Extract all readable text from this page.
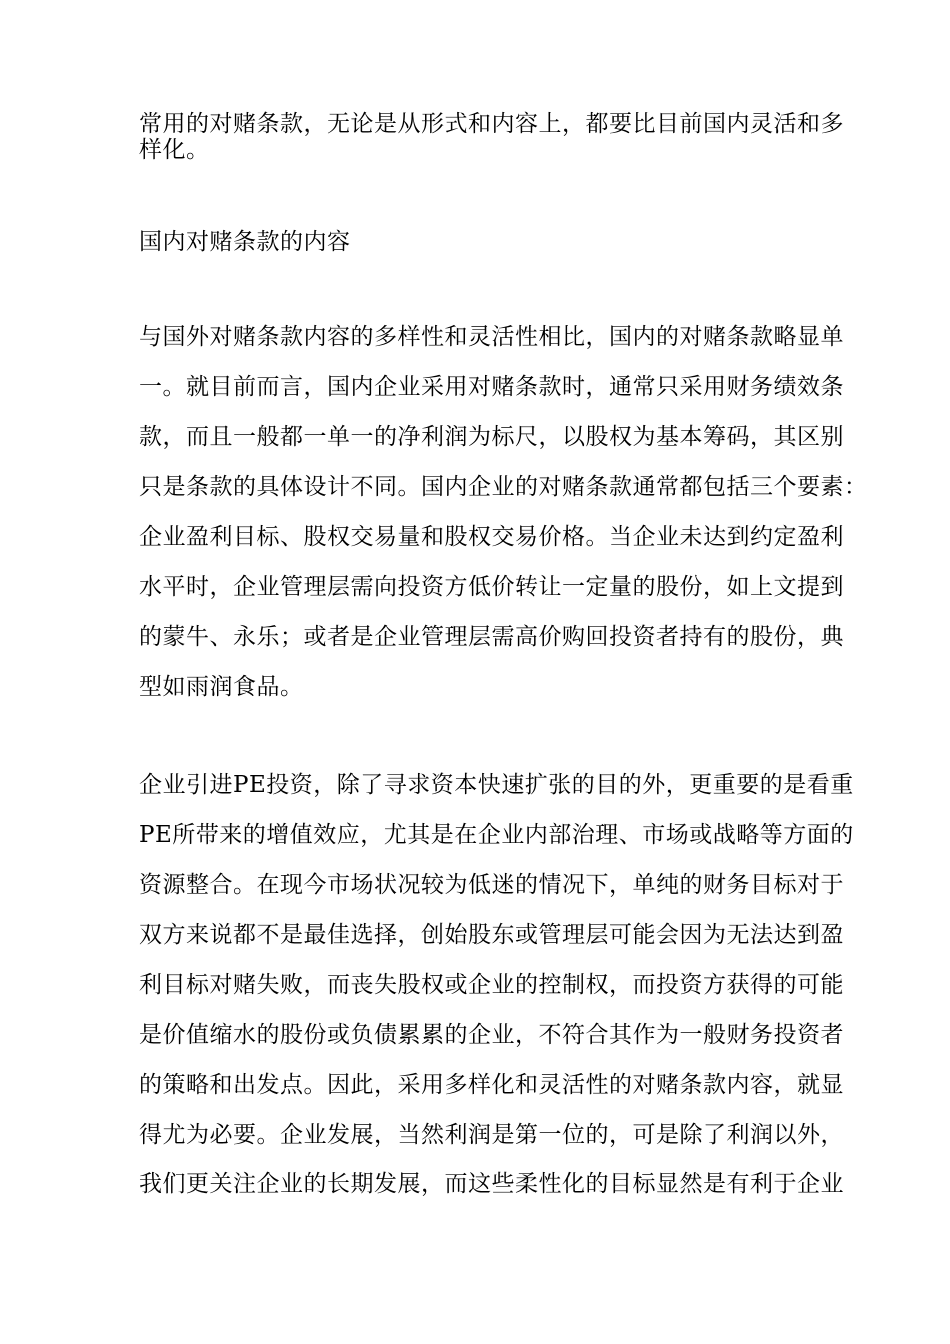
常用的对赌条款，无论是从形式和内容上，都要比目前国内灵活和多
样化。
国内对赌条款的内容
与国外对赌条款内容的多样性和灵活性相比，国内的对赌条款略显单
一。就目前而言，国内企业采用对赌条款时，通常只采用财务绩效条
款，而且一般都一单一的净利润为标尺，以股权为基本筹码，其区别
只是条款的具体设计不同。国内企业的对赌条款通常都包括三个要素：
企业盈利目标、股权交易量和股权交易价格。当企业未达到约定盈利
水平时，企业管理层需向投资方低价转让一定量的股份，如上文提到
的蒙牛、永乐；或者是企业管理层需高价购回投资者持有的股份，典
型如雨润食品。
企业引进PE投资，除了寻求资本快速扩张的目的外，更重要的是看重
PE所带来的增值效应，尤其是在企业内部治理、市场或战略等方面的
资源整合。在现今市场状况较为低迷的情况下，单纯的财务目标对于
双方来说都不是最佳选择，创始股东或管理层可能会因为无法达到盈
利目标对赌失败，而丧失股权或企业的控制权，而投资方获得的可能
是价值缩水的股份或负债累累的企业，不符合其作为一般财务投资者
的策略和出发点。因此，采用多样化和灵活性的对赌条款内容，就显
得尤为必要。企业发展，当然利润是第一位的，可是除了利润以外，
我们更关注企业的长期发展，而这些柔性化的目标显然是有利于企业
